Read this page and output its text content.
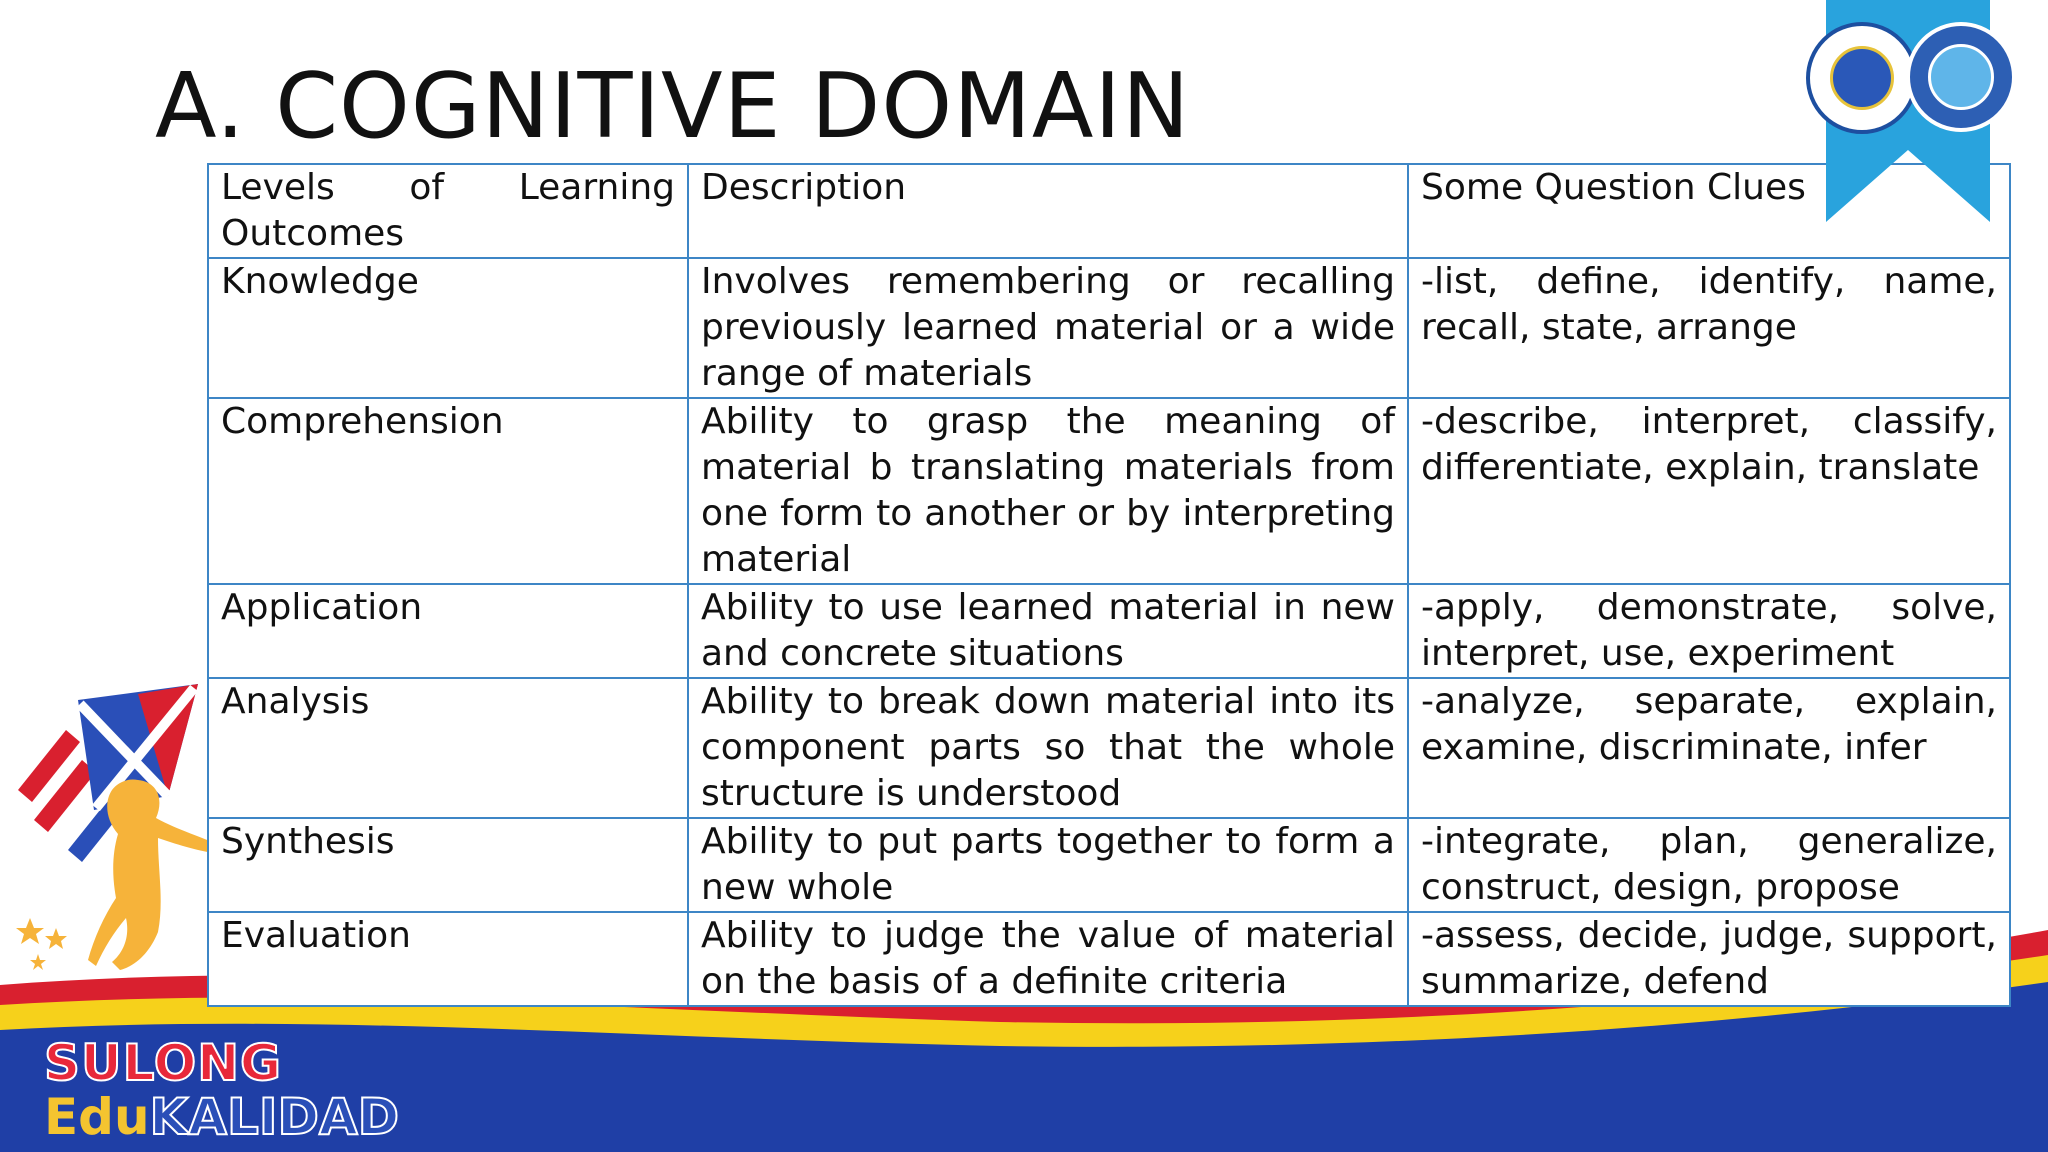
A. COGNITIVE DOMAIN
Levels of Learning Outcomes	Description	Some Question Clues
Knowledge	Involves remembering or recalling previously learned material or a wide range of materials	-list, define, identify, name, recall, state, arrange
Comprehension	Ability to grasp the meaning of material b translating materials from one form to another or by interpreting material	-describe, interpret, classify, differentiate, explain, translate
Application	Ability to use learned material in new and concrete situations	-apply, demonstrate, solve, interpret, use, experiment
Analysis	Ability to break down material into its component parts so that the whole structure is understood	-analyze, separate, explain, examine, discriminate, infer
Synthesis	Ability to put parts together to form a new whole	-integrate, plan, generalize, construct, design, propose
Evaluation	Ability to judge the value of material on the basis of a definite criteria	-assess, decide, judge, support, summarize, defend
SULONG
EduKALIDAD
